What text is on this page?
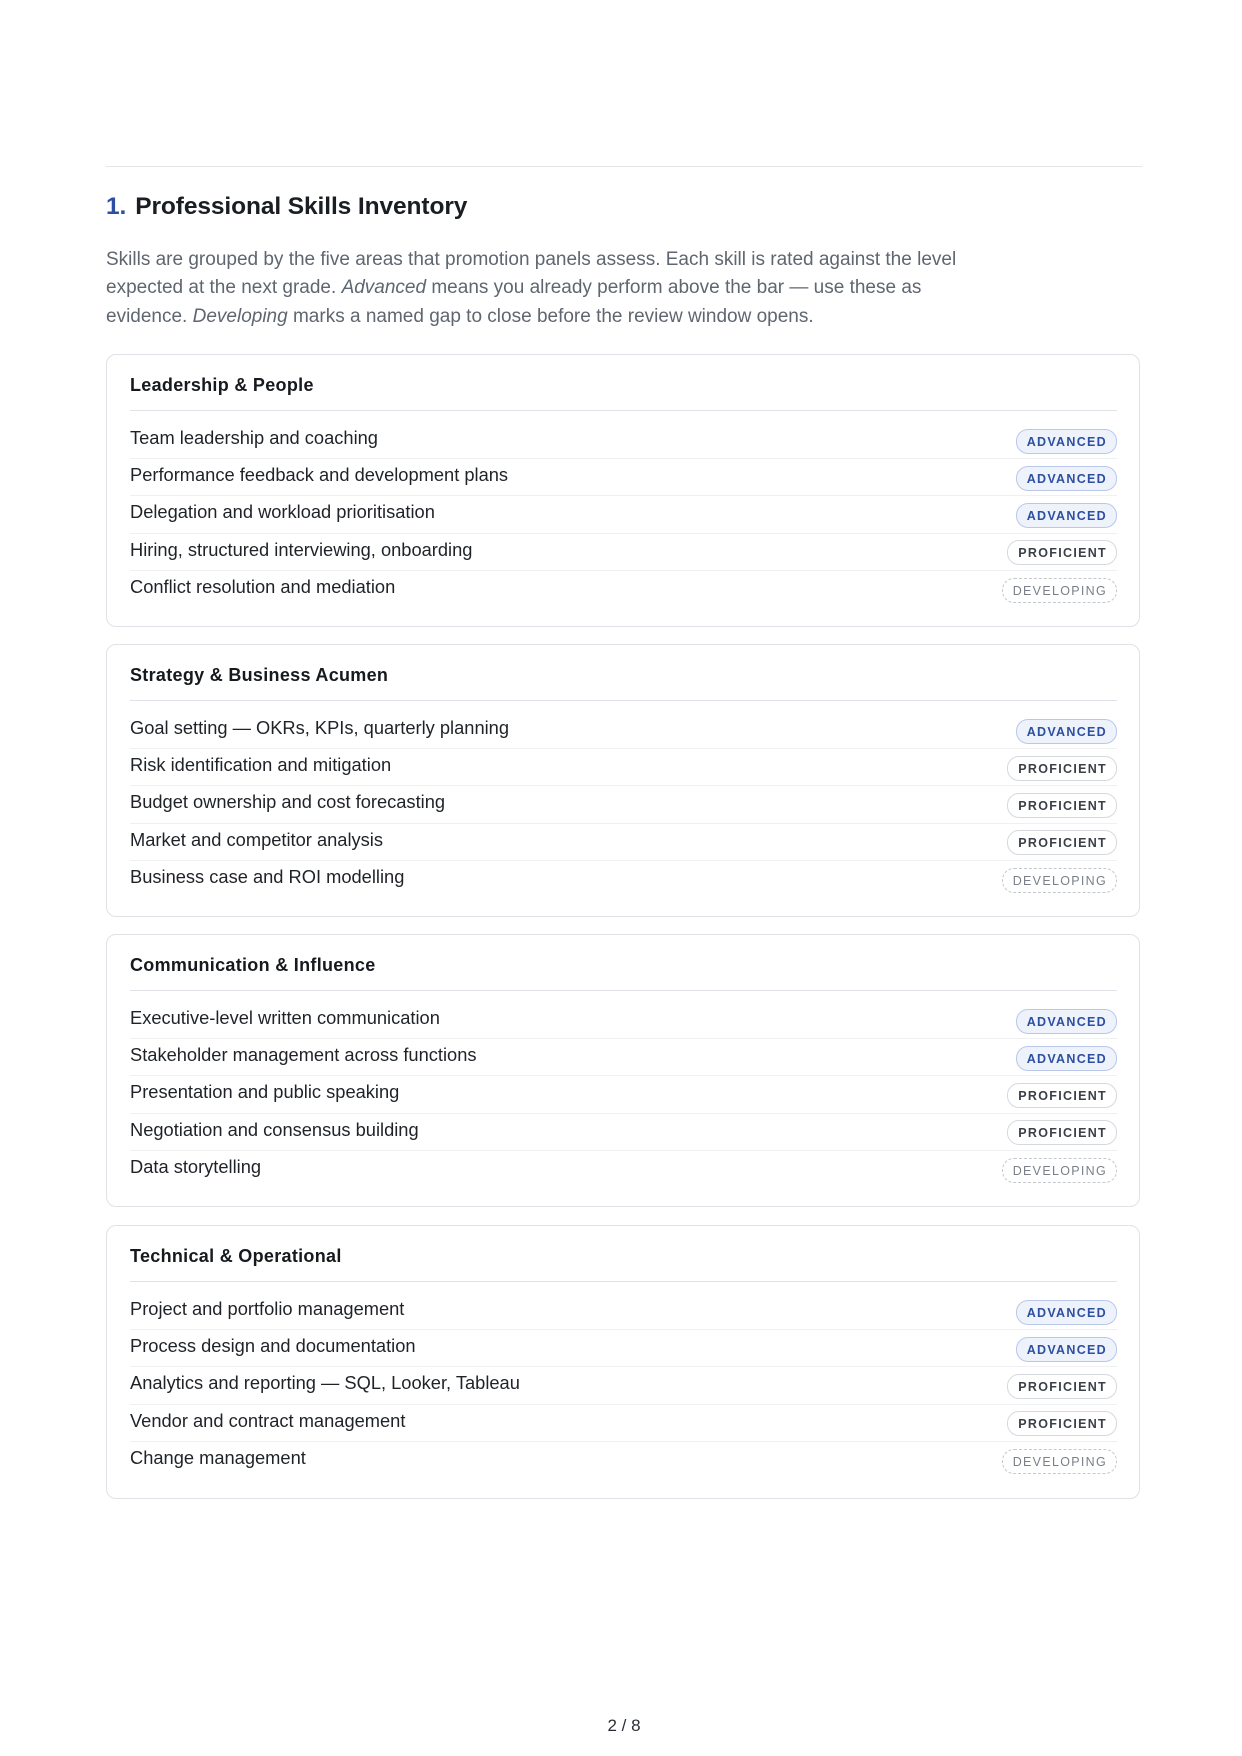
1. Professional Skills Inventory

Skills are grouped by the five areas that promotion panels assess. Each skill is rated against the level expected at the next grade. Advanced means you already perform above the bar — use these as evidence. Developing marks a named gap to close before the review window opens.

Leadership & People
Team leadership and coaching	ADVANCED
Performance feedback and development plans	ADVANCED
Delegation and workload prioritisation	ADVANCED
Hiring, structured interviewing, onboarding	PROFICIENT
Conflict resolution and mediation	DEVELOPING
Strategy & Business Acumen
Goal setting — OKRs, KPIs, quarterly planning	ADVANCED
Risk identification and mitigation	PROFICIENT
Budget ownership and cost forecasting	PROFICIENT
Market and competitor analysis	PROFICIENT
Business case and ROI modelling	DEVELOPING
Communication & Influence
Executive-level written communication	ADVANCED
Stakeholder management across functions	ADVANCED
Presentation and public speaking	PROFICIENT
Negotiation and consensus building	PROFICIENT
Data storytelling	DEVELOPING
Technical & Operational
Project and portfolio management	ADVANCED
Process design and documentation	ADVANCED
Analytics and reporting — SQL, Looker, Tableau	PROFICIENT
Vendor and contract management	PROFICIENT
Change management	DEVELOPING
2 / 8
